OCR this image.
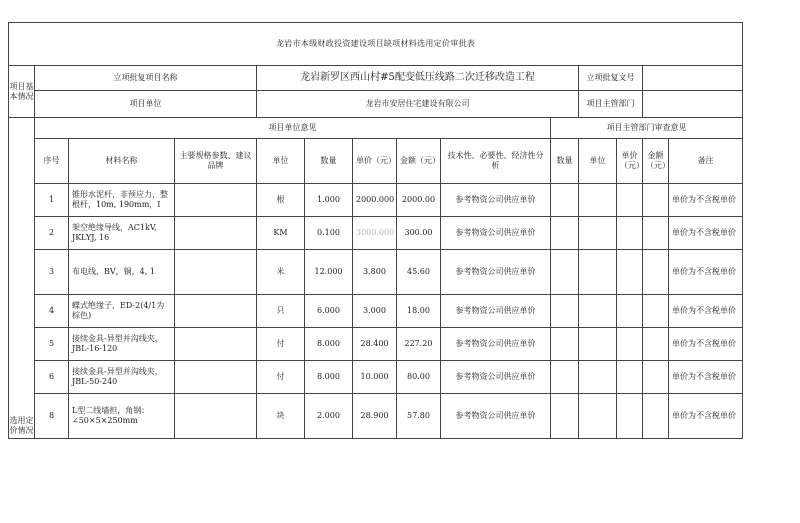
龙岩市本级财政投资建设项目缺项材料选用定价审批表													
项目基本情况	立项批复项目名称			龙岩新罗区西山村#5配变低压线路二次迁移改造工程						立项批复文号			
	项目单位			龙岩市安居住宅建设有限公司						项目主管部门			
选用定价情况	项目单位意见								项目主管部门审查意见				
	序号	材料名称	主要规格参数、建议品牌	单位	数量	单价（元）	金额（元）	技术性、必要性、经济性分析	数量	单位	单价（元）	金额（元）	备注
	1	锥形水泥杆，非预应力，整根杆，10m, 190mm，I		根	1.000	2000.000	2000.00	参考物资公司供应单价					单价为不含税单价
	2	架空绝缘导线，AC1kV, JKLYJ, 16		KM	0.100	3000.000	300.00	参考物资公司供应单价					单价为不含税单价
	3	布电线，BV，铜，4, 1		米	12.000	3.800	45.60	参考物资公司供应单价					单价为不含税单价
	4	蝶式绝缘子，ED-2(4/1为棕色)		只	6.000	3.000	18.00	参考物资公司供应单价					单价为不含税单价
	5	接续金具-异型并沟线夹，JBL-16-120		付	8.000	28.400	227.20	参考物资公司供应单价					单价为不含税单价
	6	接续金具-异型并沟线夹，JBL-50-240		付	8.000	10.000	80.00	参考物资公司供应单价					单价为不含税单价
	8	L型二线墙担，角钢：∠50×5×250mm		块	2.000	28.900	57.80	参考物资公司供应单价					单价为不含税单价
